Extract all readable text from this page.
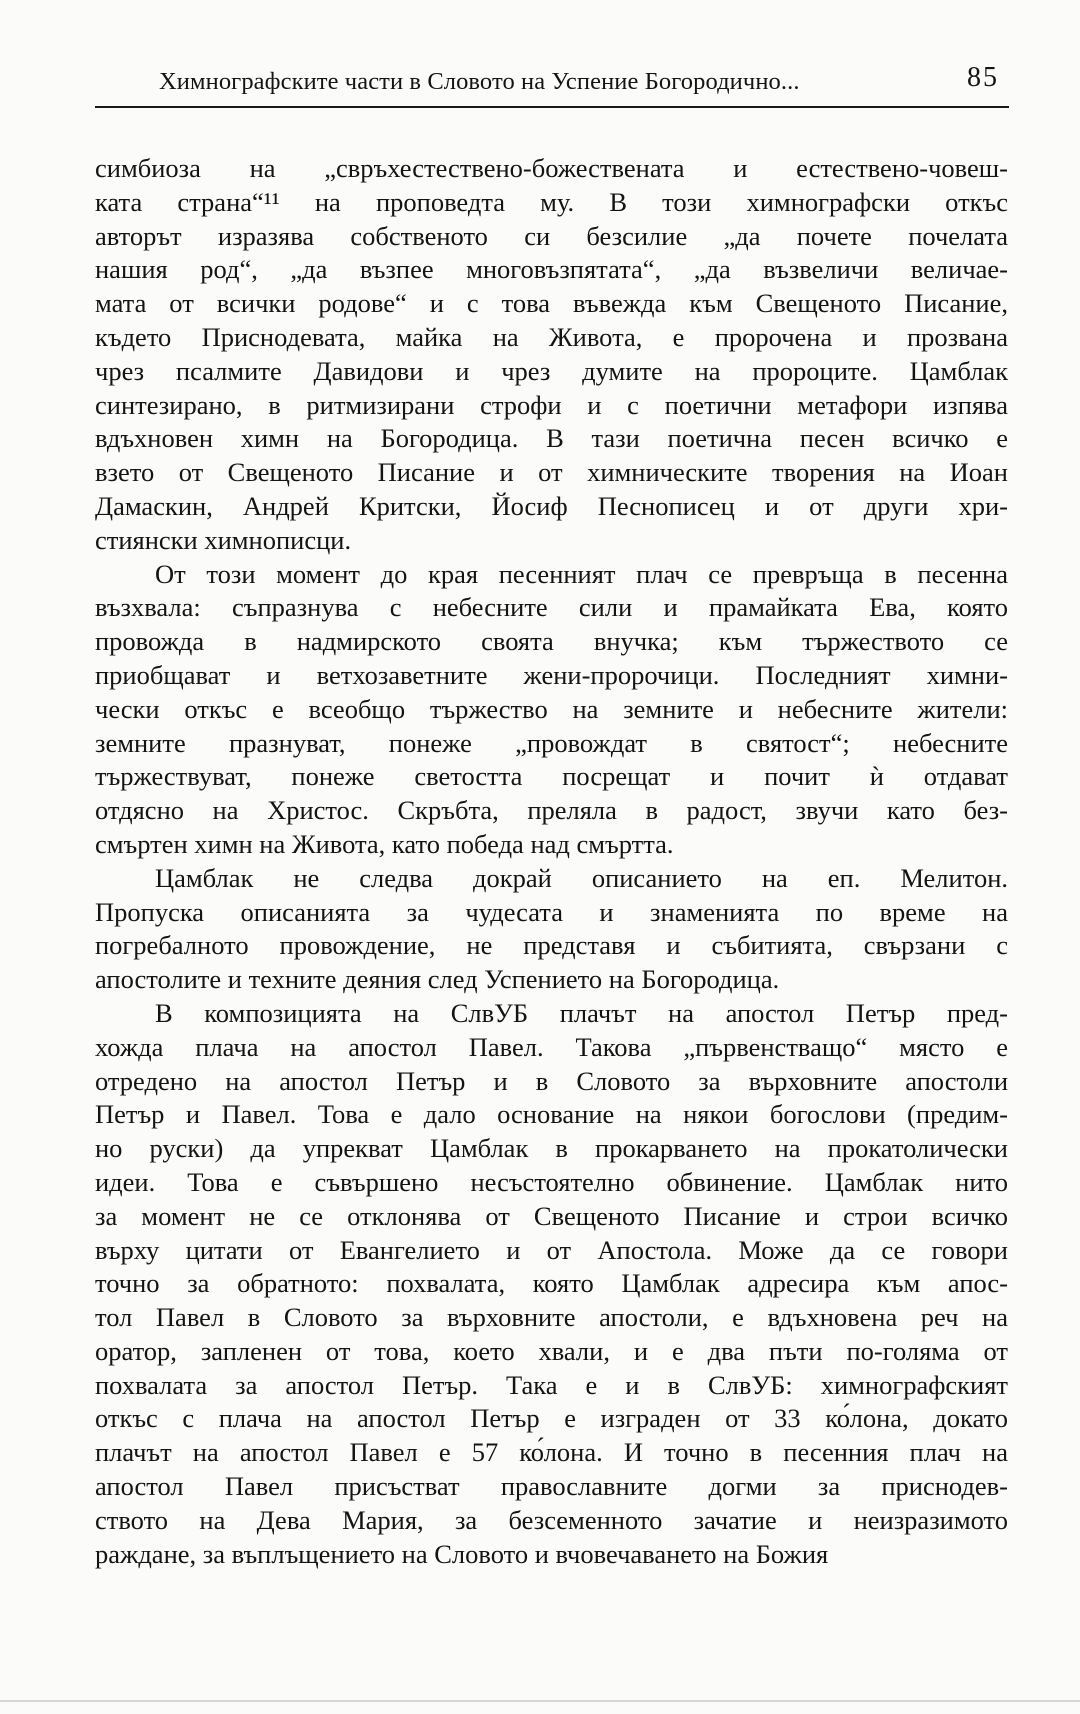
Химнографските части в Словото на Успение Богородично...	85
симбиоза на „свръхестествено-божествената и естествено-човеш-
ката страна“¹¹ на проповедта му. В този химнографски откъс
авторът изразява собственото си безсилие „да почете почелата
нашия род“, „да възпее многовъзпятата“, „да възвеличи величае-
мата от всички родове“ и с това въвежда към Свещеното Писание,
където Приснодевата, майка на Живота, е пророчена и прозвана
чрез псалмите Давидови и чрез думите на пророците. Цамблак
синтезирано, в ритмизирани строфи и с поетични метафори изпява
вдъхновен химн на Богородица. В тази поетична песен всичко е
взето от Свещеното Писание и от химническите творения на Иоан
Дамаскин, Андрей Критски, Йосиф Песнописец и от други хри-
стиянски химнописци.
От този момент до края песенният плач се превръща в песенна
възхвала: съпразнува с небесните сили и прамайката Ева, която
провожда в надмирското своята внучка; към тържеството се
приобщават и ветхозаветните жени-пророчици. Последният химни-
чески откъс е всеобщо тържество на земните и небесните жители:
земните празнуват, понеже „провождат в святост“; небесните
тържествуват, понеже светостта посрещат и почит ѝ отдават
отдясно на Христос. Скръбта, преляла в радост, звучи като без-
смъртен химн на Живота, като победа над смъртта.
Цамблак не следва докрай описанието на еп. Мелитон.
Пропуска описанията за чудесата и знаменията по време на
погребалното провождение, не представя и събитията, свързани с
апостолите и техните деяния след Успението на Богородица.
В композицията на СлвУБ плачът на апостол Петър пред-
хожда плача на апостол Павел. Такова „първенстващо“ място е
отредено на апостол Петър и в Словото за върховните апостоли
Петър и Павел. Това е дало основание на някои богослови (предим-
но руски) да упрекват Цамблак в прокарването на прокатолически
идеи. Това е съвършено несъстоятелно обвинение. Цамблак нито
за момент не се отклонява от Свещеното Писание и строи всичко
върху цитати от Евангелието и от Апостола. Може да се говори
точно за обратното: похвалата, която Цамблак адресира към апос-
тол Павел в Словото за върховните апостоли, е вдъхновена реч на
оратор, запленен от това, което хвали, и е два пъти по-голяма от
похвалата за апостол Петър. Така е и в СлвУБ: химнографският
откъс с плача на апостол Петър е изграден от 33 ко́лона, докато
плачът на апостол Павел е 57 ко́лона. И точно в песенния плач на
апостол Павел присъстват православните догми за приснодев-
ството на Дева Мария, за безсеменното зачатие и неизразимото
раждане, за въплъщението на Словото и вчовечаването на Божия
